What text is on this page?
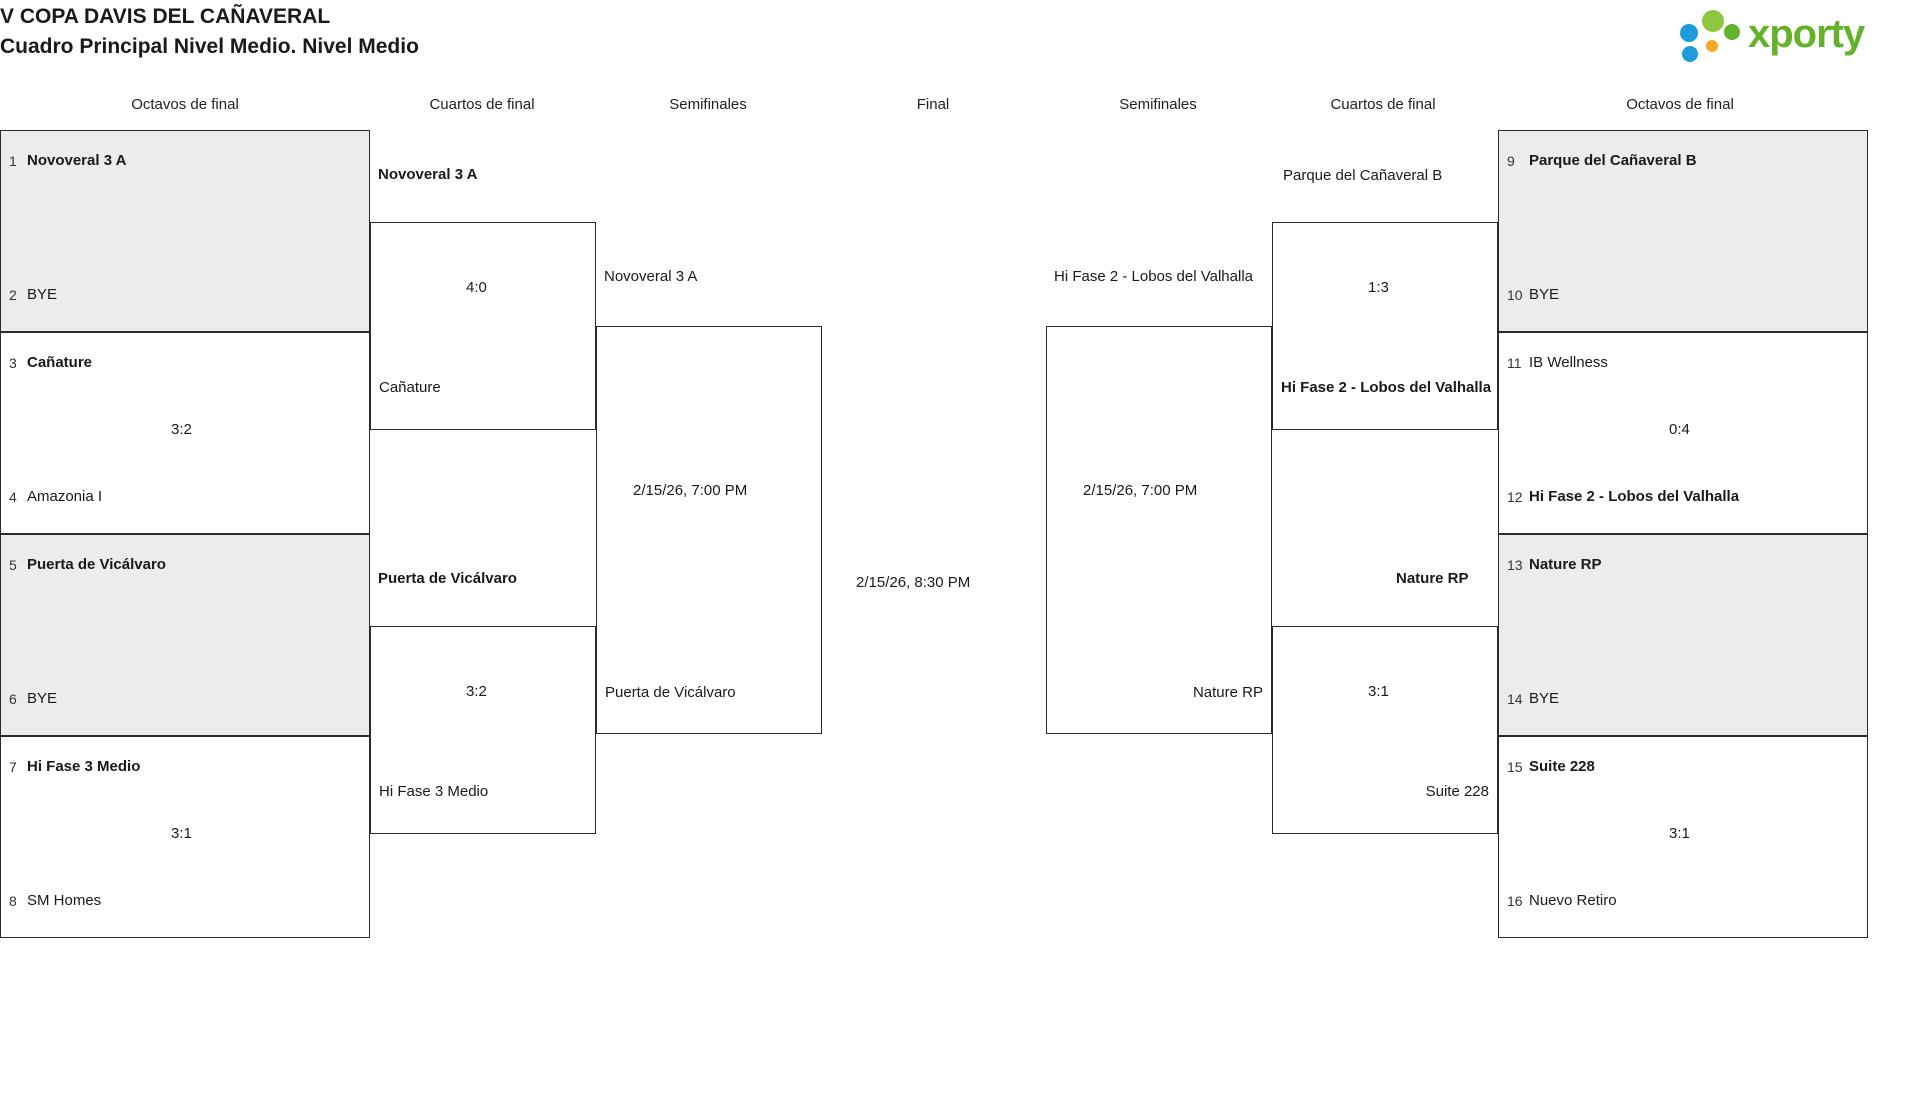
V COPA DAVIS DEL CAÑAVERAL
Cuadro Principal Nivel Medio. Nivel Medio	xporty
Octavos de final	Cuartos de final	Semifinales	Final	Semifinales	Cuartos de final	Octavos de final
1 Novoveral 3 A
2 BYE
3 Cañature
3:2
4 Amazonia I
5 Puerta de Vicálvaro
6 BYE
7 Hi Fase 3 Medio
3:1
8 SM Homes
Novoveral 3 A
4:0
Cañature
Puerta de Vicálvaro
3:2
Hi Fase 3 Medio
Novoveral 3 A
2/15/26, 7:00 PM
Puerta de Vicálvaro
2/15/26, 8:30 PM
Parque del Cañaveral B
2/15/26, 7:00 PM
Nature RP
Hi Fase 2 - Lobos del Valhalla
1:3
Hi Fase 2 - Lobos del Valhalla
Nature RP
3:1
Suite 228
9 Parque del Cañaveral B
10 BYE
11 IB Wellness
0:4
12 Hi Fase 2 - Lobos del Valhalla
13 Nature RP
14 BYE
15 Suite 228
3:1
16 Nuevo Retiro
